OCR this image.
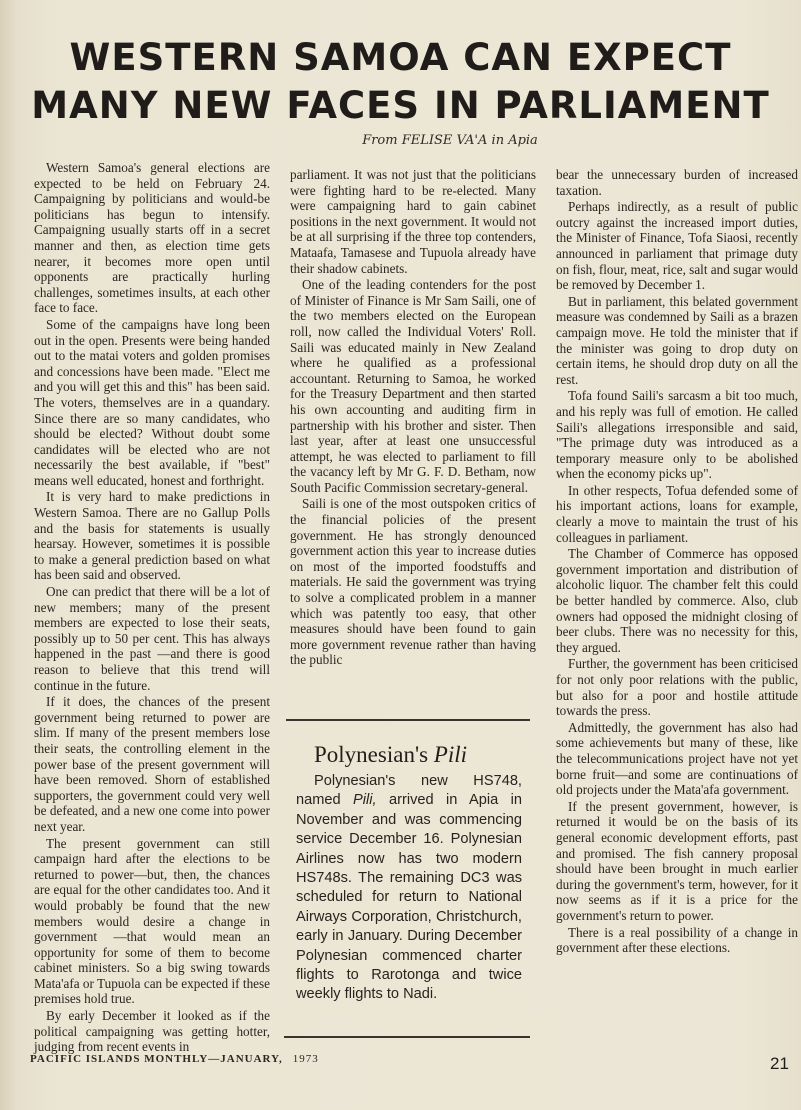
WESTERN SAMOA CAN EXPECT MANY NEW FACES IN PARLIAMENT
From FELISE VA'A in Apia

Western Samoa's general elections are expected to be held on February 24. Campaigning by politicians and would-be politicians has begun to intensify. Campaigning usually starts off in a secret manner and then, as election time gets nearer, it becomes more open until opponents are practically hurling challenges, sometimes insults, at each other face to face.

Some of the campaigns have long been out in the open. Presents were being handed out to the matai voters and golden promises and concessions have been made. "Elect me and you will get this and this" has been said. The voters, themselves are in a quandary. Since there are so many candidates, who should be elected? Without doubt some candidates will be elected who are not necessarily the best available, if "best" means well educated, honest and forthright.

It is very hard to make predictions in Western Samoa. There are no Gallup Polls and the basis for statements is usually hearsay. However, sometimes it is possible to make a general prediction based on what has been said and observed.

One can predict that there will be a lot of new members; many of the present members are expected to lose their seats, possibly up to 50 per cent. This has always happened in the past —and there is good reason to believe that this trend will continue in the future.

If it does, the chances of the present government being returned to power are slim. If many of the present members lose their seats, the controlling element in the power base of the present government will have been removed. Shorn of established supporters, the government could very well be defeated, and a new one come into power next year.

The present government can still campaign hard after the elections to be returned to power—but, then, the chances are equal for the other candidates too. And it would probably be found that the new members would desire a change in government —that would mean an opportunity for some of them to become cabinet ministers. So a big swing towards Mata'afa or Tupuola can be expected if these premises hold true.

By early December it looked as if the political campaigning was getting hotter, judging from recent events in

parliament. It was not just that the politicians were fighting hard to be re-elected. Many were campaigning hard to gain cabinet positions in the next government. It would not be at all surprising if the three top contenders, Mataafa, Tamasese and Tupuola already have their shadow cabinets.

One of the leading contenders for the post of Minister of Finance is Mr Sam Saili, one of the two members elected on the European roll, now called the Individual Voters' Roll. Saili was educated mainly in New Zealand where he qualified as a professional accountant. Returning to Samoa, he worked for the Treasury Department and then started his own accounting and auditing firm in partnership with his brother and sister. Then last year, after at least one unsuccessful attempt, he was elected to parliament to fill the vacancy left by Mr G. F. D. Betham, now South Pacific Commission secretary-general.

Saili is one of the most outspoken critics of the financial policies of the present government. He has strongly denounced government action this year to increase duties on most of the imported foodstuffs and materials. He said the government was trying to solve a complicated problem in a manner which was patently too easy, that other measures should have been found to gain more government revenue rather than having the public

Polynesian's Pili

Polynesian's new HS748, named Pili, arrived in Apia in November and was commencing service December 16. Polynesian Airlines now has two modern HS748s. The remaining DC3 was scheduled for return to National Airways Corporation, Christchurch, early in January. During December Polynesian commenced charter flights to Rarotonga and twice weekly flights to Nadi.

bear the unnecessary burden of increased taxation.

Perhaps indirectly, as a result of public outcry against the increased import duties, the Minister of Finance, Tofa Siaosi, recently announced in parliament that primage duty on fish, flour, meat, rice, salt and sugar would be removed by December 1.

But in parliament, this belated government measure was condemned by Saili as a brazen campaign move. He told the minister that if the minister was going to drop duty on certain items, he should drop duty on all the rest.

Tofa found Saili's sarcasm a bit too much, and his reply was full of emotion. He called Saili's allegations irresponsible and said, "The primage duty was introduced as a temporary measure only to be abolished when the economy picks up".

In other respects, Tofua defended some of his important actions, loans for example, clearly a move to maintain the trust of his colleagues in parliament.

The Chamber of Commerce has opposed government importation and distribution of alcoholic liquor. The chamber felt this could be better handled by commerce. Also, club owners had opposed the midnight closing of beer clubs. There was no necessity for this, they argued.

Further, the government has been criticised for not only poor relations with the public, but also for a poor and hostile attitude towards the press.

Admittedly, the government has also had some achievements but many of these, like the telecommunications project have not yet borne fruit—and some are continuations of old projects under the Mata'afa government.

If the present government, however, is returned it would be on the basis of its general economic development efforts, past and promised. The fish cannery proposal should have been brought in much earlier during the government's term, however, for it now seems as if it is a price for the government's return to power.

There is a real possibility of a change in government after these elections.

PACIFIC ISLANDS MONTHLY—JANUARY, 1973	21
